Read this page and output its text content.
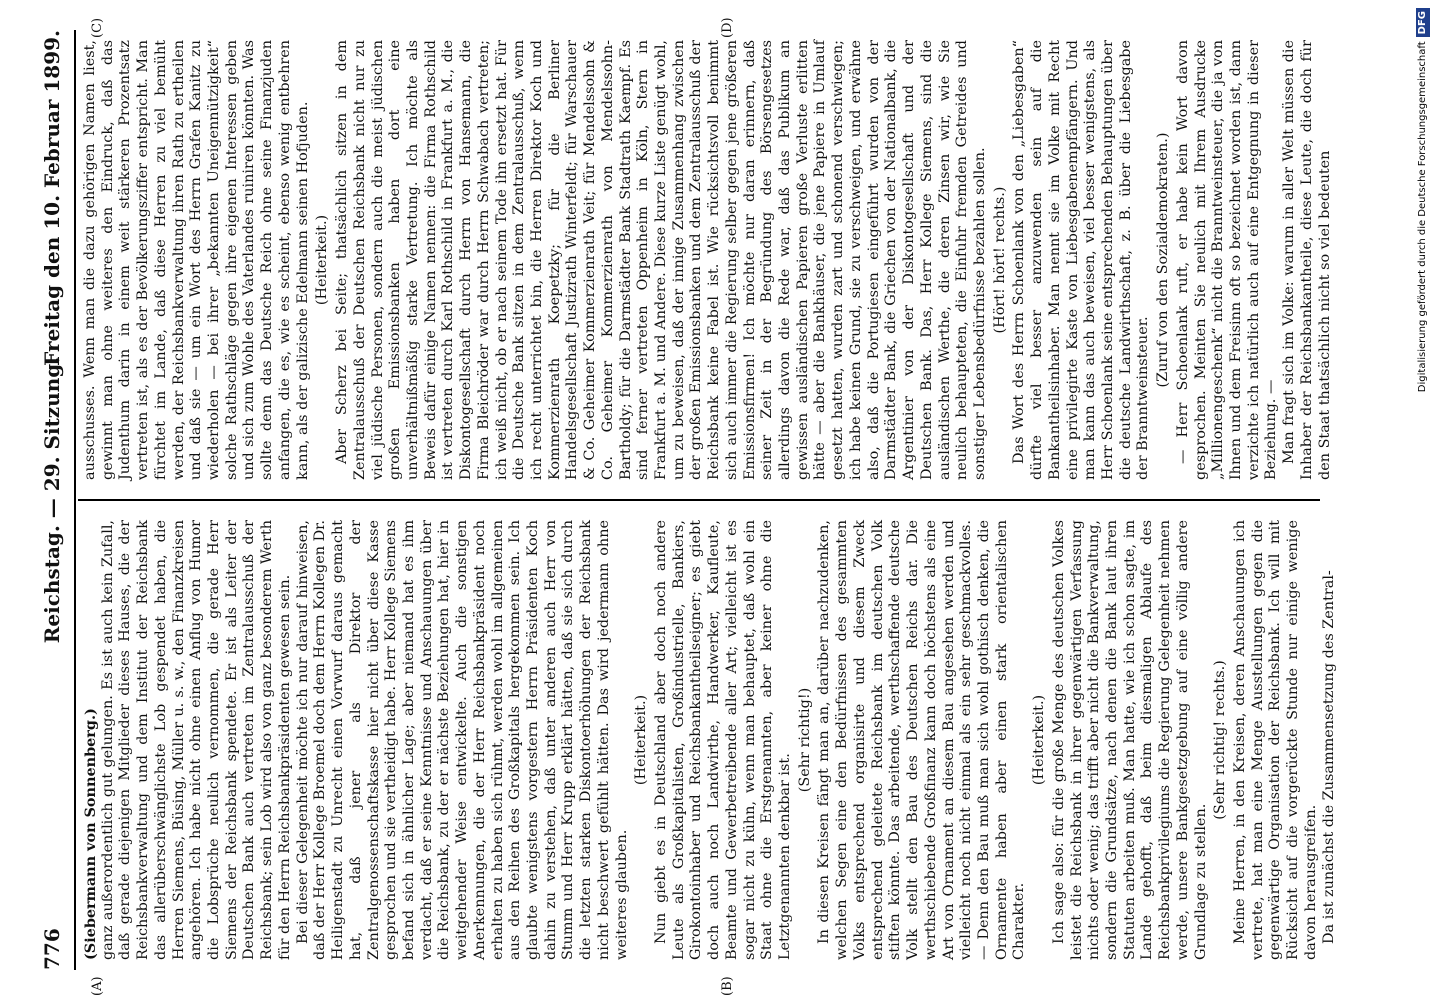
776
Reichstag. — 29. Sitzung.
Freitag den 10. Februar 1899.
(A)	(B)
(C)	(D)

(Siebermann von Sonnenberg.) ganz außerordentlich gut gelungen. Es ist auch kein Zufall, daß gerade diejenigen Mitglieder dieses Hauses, die der Reichsbankverwaltung und dem Institut der Reichsbank das allerüberschwänglichste Lob gespendet haben, die Herren Siemens, Büsing, Müller u. s. w., den Finanzkreisen angehören. Ich habe nicht ohne einen Anflug von Humor die Lobsprüche neulich vernommen, die gerade Herr Siemens der Reichsbank spendete. Er ist als Leiter der Deutschen Bank auch vertreten im Zentralausschuß der Reichsbank; sein Lob wird also von ganz besonderem Werth für den Herrn Reichsbankpräsidenten gewesen sein. Bei dieser Gelegenheit möchte ich nur darauf hinweisen, daß der Herr Kollege Broemel doch dem Herrn Kollegen Dr. Heiligenstadt zu Unrecht einen Vorwurf daraus gemacht hat, daß jener als Direktor der Zentralgenossenschaftskasse hier nicht über diese Kasse gesprochen und sie vertheidigt habe. Herr Kollege Siemens befand sich in ähnlicher Lage; aber niemand hat es ihm verdacht, daß er seine Kenntnisse und Anschauungen über die Reichsbank, zu der er nächste Beziehungen hat, hier in weitgehender Weise entwickelte. Auch die sonstigen Anerkennungen, die der Herr Reichsbankpräsident noch erhalten zu haben sich rühmt, werden wohl im allgemeinen aus den Reihen des Großkapitals hergekommen sein. Ich glaubte wenigstens vorgestern Herrn Präsidenten Koch dahin zu verstehen, daß unter anderen auch Herr von Stumm und Herr Krupp erklärt hätten, daß sie sich durch die letzten starken Diskontoerhöhungen der Reichsbank nicht beschwert gefühlt hätten. Das wird jedermann ohne weiteres glauben.

(Heiterkeit.) Nun giebt es in Deutschland aber doch noch andere Leute als Großkapitalisten, Großindustrielle, Bankiers, Girokontoinhaber und Reichsbankantheilseigner; es giebt doch auch noch Landwirthe, Handwerker, Kaufleute, Beamte und Gewerbetreibende aller Art; vielleicht ist es sogar nicht zu kühn, wenn man behauptet, daß wohl ein Staat ohne die Erstgenannten, aber keiner ohne die Letztgenannten denkbar ist.

(Sehr richtig!) In diesen Kreisen fängt man an, darüber nachzudenken, welchen Segen eine den Bedürfnissen des gesammten Volks entsprechend organisirte und diesem Zweck entsprechend geleitete Reichsbank im deutschen Volk stiften könnte. Das arbeitende, werthschaffende deutsche Volk stellt den Bau des Deutschen Reichs dar. Die werthschiebende Großfinanz kann doch höchstens als eine Art von Ornament an diesem Bau angesehen werden und vielleicht noch nicht einmal als ein sehr geschmackvolles. — Denn den Bau muß man sich wohl gothisch denken, die Ornamente haben aber einen stark orientalischen Charakter.

(Heiterkeit.) Ich sage also: für die große Menge des deutschen Volkes leistet die Reichsbank in ihrer gegenwärtigen Verfassung nichts oder wenig; das trifft aber nicht die Bankverwaltung, sondern die Grundsätze, nach denen die Bank laut ihren Statuten arbeiten muß. Man hatte, wie ich schon sagte, im Lande gehofft, daß beim diesmaligen Ablaufe des Reichsbankprivilegiums die Regierung Gelegenheit nehmen werde, unsere Bankgesetzgebung auf eine völlig andere Grundlage zu stellen.

(Sehr richtig! rechts.) Meine Herren, in den Kreisen, deren Anschauungen ich vertrete, hat man eine Menge Ausstellungen gegen die gegenwärtige Organisation der Reichsbank. Ich will mit Rücksicht auf die vorgerückte Stunde nur einige wenige davon herausgreifen. Da ist zunächst die Zusammensetzung des Zentral-

ausschusses. Wenn man die dazu gehörigen Namen liest, gewinnt man ohne weiteres den Eindruck, daß das Judenthum darin in einem weit stärkeren Prozentsatz vertreten ist, als es der Bevölkerungsziffer entspricht. Man fürchtet im Lande, daß diese Herren zu viel bemüht werden, der Reichsbankverwaltung ihren Rath zu ertheilen und daß sie — um ein Wort des Herrn Grafen Kanitz zu wiederholen — bei ihrer „bekannten Uneigennützigkeit“ solche Rathschläge gegen ihre eigenen Interessen geben und sich zum Wohle des Vaterlandes ruiniren könnten. Was sollte denn das Deutsche Reich ohne seine Finanzjuden anfangen, die es, wie es scheint, ebenso wenig entbehren kann, als der galizische Edelmann seinen Hofjuden. (Heiterkeit.) Aber Scherz bei Seite; thatsächlich sitzen in dem Zentralausschuß der Deutschen Reichsbank nicht nur zu viel jüdische Personen, sondern auch die meist jüdischen großen Emissionsbanken haben dort eine unverhältnißmäßig starke Vertretung. Ich möchte als Beweis dafür einige Namen nennen: die Firma Rothschild ist vertreten durch Karl Rothschild in Frankfurt a. M., die Diskontogesellschaft durch Herrn von Hansemann, die Firma Bleichröder war durch Herrn Schwabach vertreten; ich weiß nicht, ob er nach seinem Tode ihn ersetzt hat. Für die Deutsche Bank sitzen in dem Zentralausschuß, wenn ich recht unterrichtet bin, die Herren Direktor Koch und Kommerzienrath Koepetzky; für die Berliner Handelsgesellschaft Justizrath Winterfeldt; für Warschauer & Co. Geheimer Kommerzienrath Veit; für Mendelssohn & Co. Geheimer Kommerzienrath von Mendelssohn-Bartholdy; für die Darmstädter Bank Stadtrath Kaempf. Es sind ferner vertreten Oppenheim in Köln, Stern in Frankfurt a. M. und Andere. Diese kurze Liste genügt wohl, um zu beweisen, daß der innige Zusammenhang zwischen der großen Emissionsbanken und dem Zentralausschuß der Reichsbank keine Fabel ist. Wie rücksichtsvoll benimmt sich auch immer die Regierung selber gegen jene größeren Emissionsfirmen! Ich möchte nur daran erinnern, daß seiner Zeit in der Begründung des Börsengesetzes allerdings davon die Rede war, daß das Publikum an gewissen ausländischen Papieren große Verluste erlitten hätte — aber die Bankhäuser, die jene Papiere in Umlauf gesetzt hatten, wurden zart und schonend verschwiegen; ich habe keinen Grund, sie zu verschweigen, und erwähne also, daß die Portugiesen eingeführt wurden von der Darmstädter Bank, die Griechen von der Nationalbank, die Argentinier von der Diskontogesellschaft und der Deutschen Bank. Das, Herr Kollege Siemens, sind die ausländischen Werthe, die deren Zinsen wir, wie Sie neulich behaupteten, die Einfuhr fremden Getreides und sonstiger Lebensbedürfnisse bezahlen sollen. (Hört! hört! rechts.) Das Wort des Herrn Schoenlank von den „Liebesgaben“ dürfte viel besser anzuwenden sein auf die Bankantheilsinhaber. Man nennt sie im Volke mit Recht eine privilegirte Kaste von Liebesgabenempfängern. Und man kann das auch beweisen, viel besser wenigstens, als Herr Schoenlank seine entsprechenden Behauptungen über die deutsche Landwirthschaft, z. B. über die Liebesgabe der Branntweinsteuer.

(Zuruf von den Sozialdemokraten.) — Herr Schoenlank ruft, er habe kein Wort davon gesprochen. Meinten Sie neulich mit Ihrem Ausdrucke „Millionengeschenk“ nicht die Branntweinsteuer, die ja von Ihnen und dem Freisinn oft so bezeichnet worden ist, dann verzichte ich natürlich auch auf eine Entgegnung in dieser Beziehung. — Man fragt sich im Volke: warum in aller Welt müssen die Inhaber der Reichsbankantheile, diese Leute, die doch für den Staat thatsächlich nicht so viel bedeuten	Digitalisierung gefördert durch die Deutsche ForschungsgemeinschaftDFG
